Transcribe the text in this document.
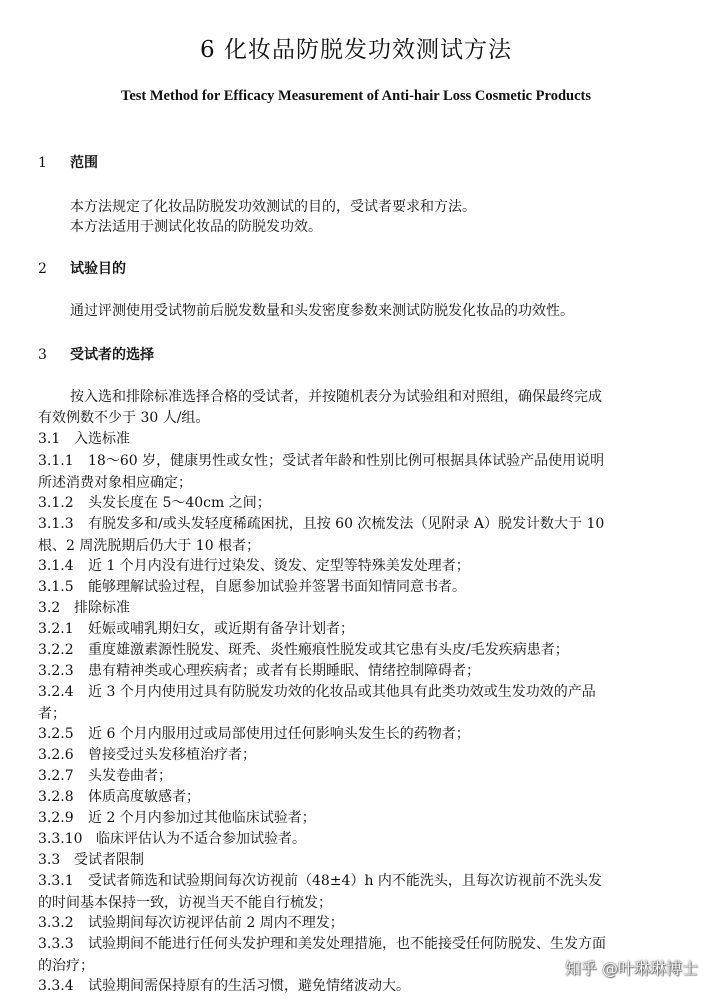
6 化妆品防脱发功效测试方法
Test Method for Efficacy Measurement of Anti-hair Loss Cosmetic Products
1 范围
本方法规定了化妆品防脱发功效测试的目的，受试者要求和方法。
本方法适用于测试化妆品的防脱发功效。
2 试验目的
通过评测使用受试物前后脱发数量和头发密度参数来测试防脱发化妆品的功效性。
3 受试者的选择
按入选和排除标准选择合格的受试者，并按随机表分为试验组和对照组，确保最终完成
有效例数不少于 30 人/组。
3.1 入选标准
3.1.1 18～60 岁，健康男性或女性；受试者年龄和性别比例可根据具体试验产品使用说明
所述消费对象相应确定；
3.1.2 头发长度在 5～40cm 之间；
3.1.3 有脱发多和/或头发轻度稀疏困扰，且按 60 次梳发法（见附录 A）脱发计数大于 10
根、2 周洗脱期后仍大于 10 根者；
3.1.4 近 1 个月内没有进行过染发、烫发、定型等特殊美发处理者；
3.1.5 能够理解试验过程，自愿参加试验并签署书面知情同意书者。
3.2 排除标准
3.2.1 妊娠或哺乳期妇女，或近期有备孕计划者；
3.2.2 重度雄激素源性脱发、斑秃、炎性瘢痕性脱发或其它患有头皮/毛发疾病患者；
3.2.3 患有精神类或心理疾病者；或者有长期睡眠、情绪控制障碍者；
3.2.4 近 3 个月内使用过具有防脱发功效的化妆品或其他具有此类功效或生发功效的产品
者；
3.2.5 近 6 个月内服用过或局部使用过任何影响头发生长的药物者；
3.2.6 曾接受过头发移植治疗者；
3.2.7 头发卷曲者；
3.2.8 体质高度敏感者；
3.2.9 近 2 个月内参加过其他临床试验者；
3.3.10 临床评估认为不适合参加试验者。
3.3 受试者限制
3.3.1 受试者筛选和试验期间每次访视前（48±4）h 内不能洗头，且每次访视前不洗头发
的时间基本保持一致，访视当天不能自行梳发；
3.3.2 试验期间每次访视评估前 2 周内不理发；
3.3.3 试验期间不能进行任何头发护理和美发处理措施，也不能接受任何防脱发、生发方面
的治疗；
3.3.4 试验期间需保持原有的生活习惯，避免情绪波动大。
知乎 @叶琳琳博士
